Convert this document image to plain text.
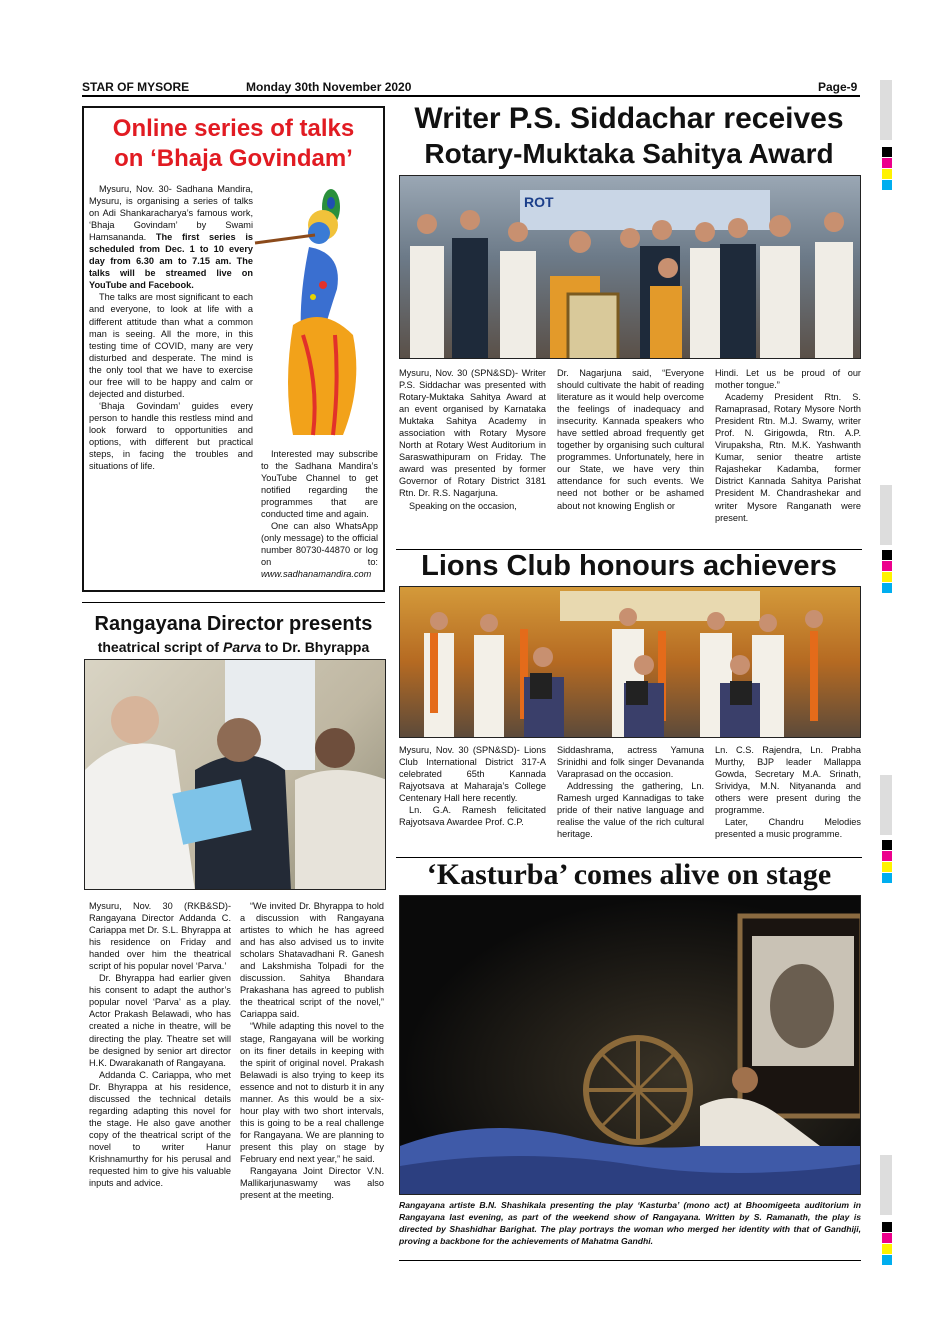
STAR OF MYSORE	Monday 30th November 2020	Page-9
Online series of talks
on ‘Bhaja Govindam’

Mysuru, Nov. 30- Sadhana Mandira, Mysuru, is organising a series of talks on Adi Shankaracharya’s famous work, ‘Bhaja Govindam’ by Swami Hamsananda. The first series is scheduled from Dec. 1 to 10 every day from 6.30 am to 7.15 am. The talks will be streamed live on YouTube and Facebook.

The talks are most significant to each and everyone, to look at life with a different attitude than what a common man is seeing. All the more, in this testing time of COVID, many are very disturbed and desperate. The mind is the only tool that we have to exercise our free will to be happy and calm or dejected and disturbed.

‘Bhaja Govindam’ guides every person to handle this restless mind and look forward to opportunities and options, with different but practical steps, in facing the troubles and situations of life.

Interested may subscribe to the Sadhana Mandira’s YouTube Channel to get notified regarding the programmes that are conducted time and again.

One can also WhatsApp (only message) to the official number 80730-44870 or log on to: www.sadhanamandira.com

Writer P.S. Siddachar receives
Rotary-Muktaka Sahitya Award
ROT

Mysuru, Nov. 30 (SPN&SD)- Writer P.S. Siddachar was presented with Rotary-Muktaka Sahitya Award at an event organised by Karnataka Muktaka Sahitya Academy in association with Rotary Mysore North at Rotary West Auditorium in Saraswathipuram on Friday. The award was presented by former Governor of Rotary District 3181 Rtn. Dr. R.S. Nagarjuna.

Speaking on the occasion,

Dr. Nagarjuna said, “Everyone should cultivate the habit of reading literature as it would help overcome the feelings of inadequacy and insecurity. Kannada speakers who have settled abroad frequently get together by organising such cultural programmes. Unfortunately, here in our State, we have very thin attendance for such events. We need not bother or be ashamed about not knowing English or

Hindi. Let us be proud of our mother tongue.”

Academy President Rtn. S. Ramaprasad, Rotary Mysore North President Rtn. M.J. Swamy, writer Prof. N. Girigowda, Rtn. A.P. Virupaksha, Rtn. M.K. Yashwanth Kumar, senior theatre artiste Rajashekar Kadamba, former District Kannada Sahitya Parishat President M. Chandrashekar and writer Mysore Ranganath were present.

Lions Club honours achievers

Mysuru, Nov. 30 (SPN&SD)- Lions Club International District 317-A celebrated 65th Kannada Rajyotsava at Maharaja’s College Centenary Hall here recently.

Ln. G.A. Ramesh felicitated Rajyotsava Awardee Prof. C.P.

Siddashrama, actress Yamuna Srinidhi and folk singer Devananda Varaprasad on the occasion.

Addressing the gathering, Ln. Ramesh urged Kannadigas to take pride of their native language and realise the value of the rich cultural heritage.

Ln. C.S. Rajendra, Ln. Prabha Murthy, BJP leader Mallappa Gowda, Secretary M.A. Srinath, Srividya, M.N. Nityananda and others were present during the programme.

Later, Chandru Melodies presented a music programme.

‘Kasturba’ comes alive on stage
Rangayana artiste B.N. Shashikala presenting the play ‘Kasturba’ (mono act) at Bhoomigeeta auditorium in Rangayana last evening, as part of the weekend show of Rangayana. Written by S. Ramanath, the play is directed by Shashidhar Barighat. The play portrays the woman who merged her identity with that of Gandhiji, proving a backbone for the achievements of Mahatma Gandhi.
Rangayana Director presents
theatrical script of Parva to Dr. Bhyrappa

Mysuru, Nov. 30 (RKB&SD)- Rangayana Director Addanda C. Cariappa met Dr. S.L. Bhyrappa at his residence on Friday and handed over him the theatrical script of his popular novel ‘Parva.’

Dr. Bhyrappa had earlier given his consent to adapt the author’s popular novel ‘Parva’ as a play. Actor Prakash Belawadi, who has created a niche in theatre, will be directing the play. Theatre set will be designed by senior art director H.K. Dwarakanath of Rangayana.

Addanda C. Cariappa, who met Dr. Bhyrappa at his residence, discussed the technical details regarding adapting this novel for the stage. He also gave another copy of the theatrical script of the novel to writer Hanur Krishnamurthy for his perusal and requested him to give his valuable inputs and advice.

“We invited Dr. Bhyrappa to hold a discussion with Rangayana artistes to which he has agreed and has also advised us to invite scholars Shatavadhani R. Ganesh and Lakshmisha Tolpadi for the discussion. Sahitya Bhandara Prakashana has agreed to publish the theatrical script of the novel,” Cariappa said.

“While adapting this novel to the stage, Rangayana will be working on its finer details in keeping with the spirit of original novel. Prakash Belawadi is also trying to keep its essence and not to disturb it in any manner. As this would be a six-hour play with two short intervals, this is going to be a real challenge for Rangayana. We are planning to present this play on stage by February end next year,” he said.

Rangayana Joint Director V.N. Mallikarjunaswamy was also present at the meeting.
